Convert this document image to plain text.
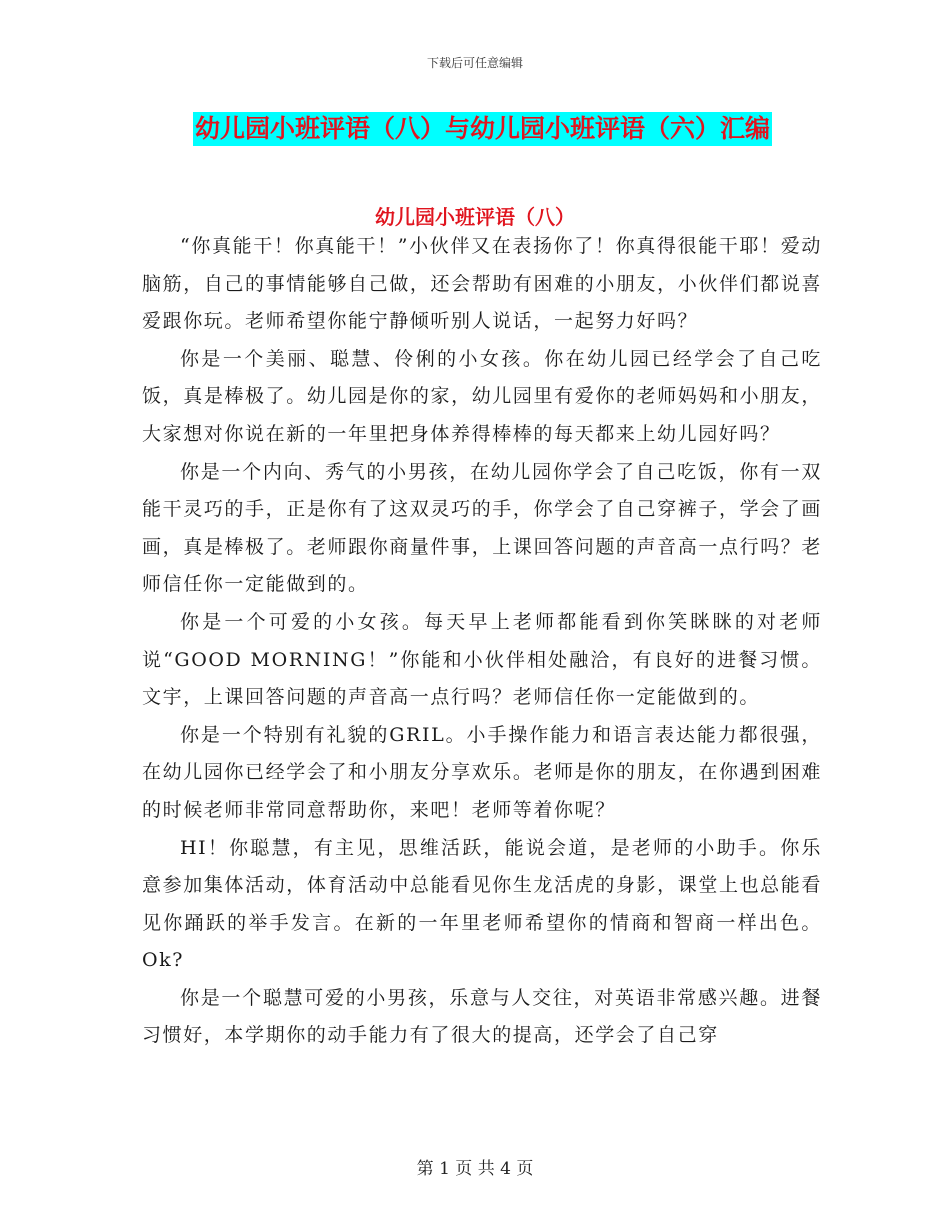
下载后可任意编辑
幼儿园小班评语（八）与幼儿园小班评语（六）汇编
幼儿园小班评语（八）

“你真能干！你真能干！”小伙伴又在表扬你了！你真得很能干耶！爱动脑筋，自己的事情能够自己做，还会帮助有困难的小朋友，小伙伴们都说喜爱跟你玩。老师希望你能宁静倾听别人说话，一起努力好吗？

你是一个美丽、聪慧、伶俐的小女孩。你在幼儿园已经学会了自己吃饭，真是棒极了。幼儿园是你的家，幼儿园里有爱你的老师妈妈和小朋友，大家想对你说在新的一年里把身体养得棒棒的每天都来上幼儿园好吗？

你是一个内向、秀气的小男孩，在幼儿园你学会了自己吃饭，你有一双能干灵巧的手，正是你有了这双灵巧的手，你学会了自己穿裤子，学会了画画，真是棒极了。老师跟你商量件事，上课回答问题的声音高一点行吗？老师信任你一定能做到的。

你是一个可爱的小女孩。每天早上老师都能看到你笑眯眯的对老师说“GOOD MORNING！”你能和小伙伴相处融洽，有良好的进餐习惯。文宇，上课回答问题的声音高一点行吗？老师信任你一定能做到的。

你是一个特别有礼貌的GRIL。小手操作能力和语言表达能力都很强，在幼儿园你已经学会了和小朋友分享欢乐。老师是你的朋友，在你遇到困难的时候老师非常同意帮助你，来吧！老师等着你呢？

HI！你聪慧，有主见，思维活跃，能说会道，是老师的小助手。你乐意参加集体活动，体育活动中总能看见你生龙活虎的身影，课堂上也总能看见你踊跃的举手发言。在新的一年里老师希望你的情商和智商一样出色。Ok?

你是一个聪慧可爱的小男孩，乐意与人交往，对英语非常感兴趣。进餐习惯好，本学期你的动手能力有了很大的提高，还学会了自己穿

第 1 页 共 4 页
